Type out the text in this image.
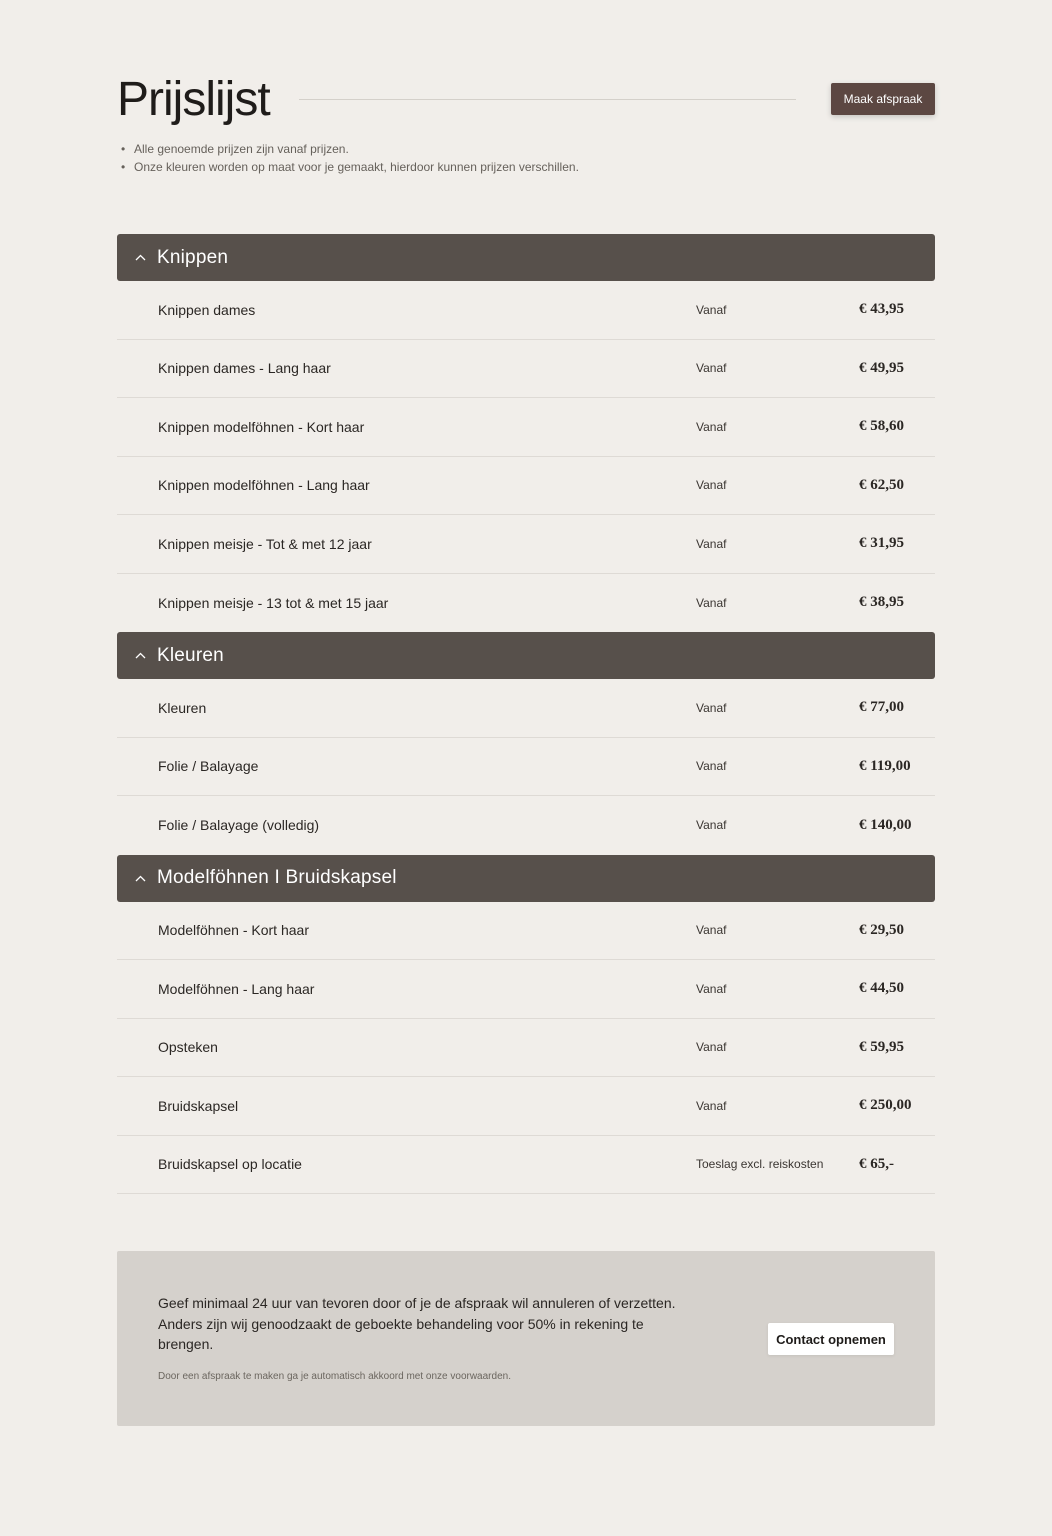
Prijslijst	Maak afspraak
• Alle genoemde prijzen zijn vanaf prijzen.
• Onze kleuren worden op maat voor je gemaakt, hierdoor kunnen prijzen verschillen.
Knippen
Knippen dames	Vanaf	€ 43,95
Knippen dames - Lang haar	Vanaf	€ 49,95
Knippen modelföhnen - Kort haar	Vanaf	€ 58,60
Knippen modelföhnen - Lang haar	Vanaf	€ 62,50
Knippen meisje - Tot & met 12 jaar	Vanaf	€ 31,95
Knippen meisje - 13 tot & met 15 jaar	Vanaf	€ 38,95
Kleuren
Kleuren	Vanaf	€ 77,00
Folie / Balayage	Vanaf	€ 119,00
Folie / Balayage (volledig)	Vanaf	€ 140,00
Modelföhnen I Bruidskapsel
Modelföhnen - Kort haar	Vanaf	€ 29,50
Modelföhnen - Lang haar	Vanaf	€ 44,50
Opsteken	Vanaf	€ 59,95
Bruidskapsel	Vanaf	€ 250,00
Bruidskapsel op locatie	Toeslag excl. reiskosten	€ 65,-

Geef minimaal 24 uur van tevoren door of je de afspraak wil annuleren of verzetten. Anders zijn wij genoodzaakt de geboekte behandeling voor 50% in rekening te brengen.

Door een afspraak te maken ga je automatisch akkoord met onze voorwaarden.

Contact opnemen
